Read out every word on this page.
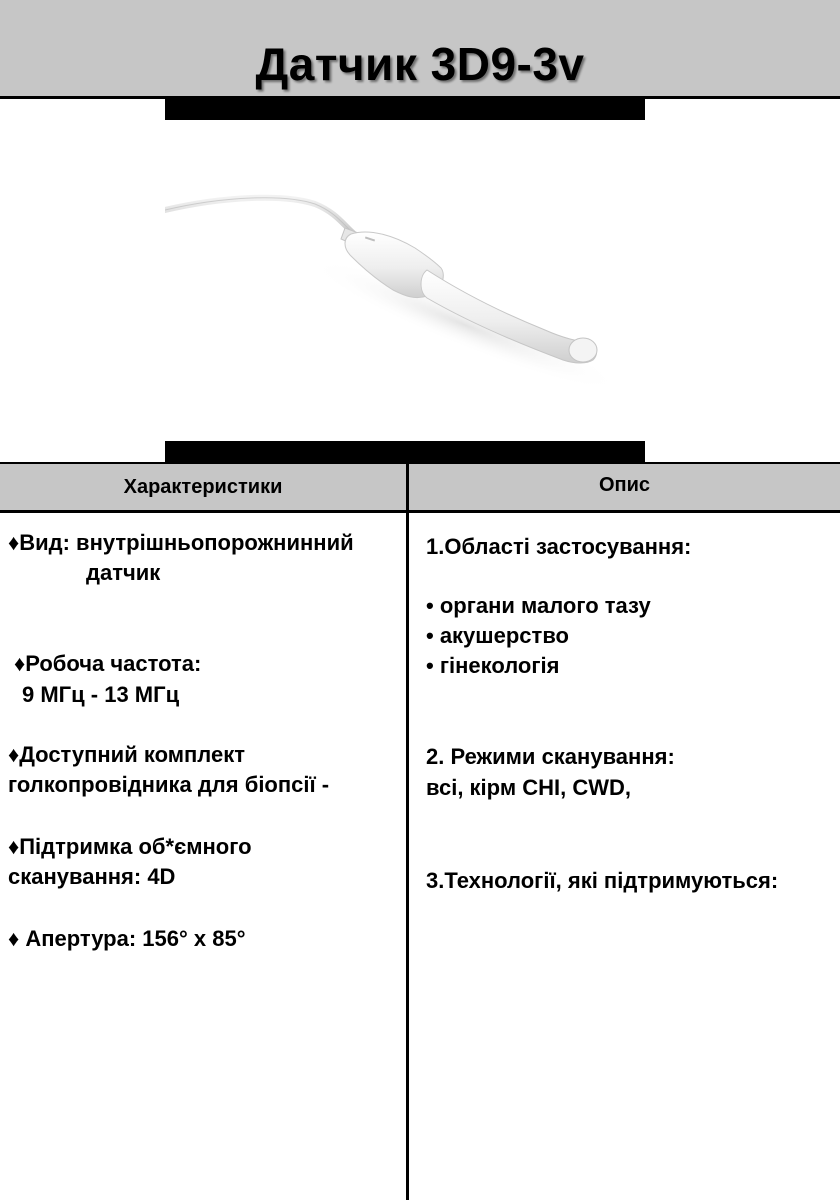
Датчик 3D9-3v
Характеристики	Опис
♦Вид: внутрішньопорожнинний
датчик
♦Робоча частота:
9 МГц - 13 МГц
♦Доступний комплект
голкопровідника для біопсії -
♦Підтримка об*ємного
сканування: 4D
♦ Апертура: 156° x 85°
1.Області застосування:
• органи малого тазу
• акушерство
• гінекологія
2. Режими сканування:
всі, кірм CHI, CWD,
3.Технології, які підтримуються:
